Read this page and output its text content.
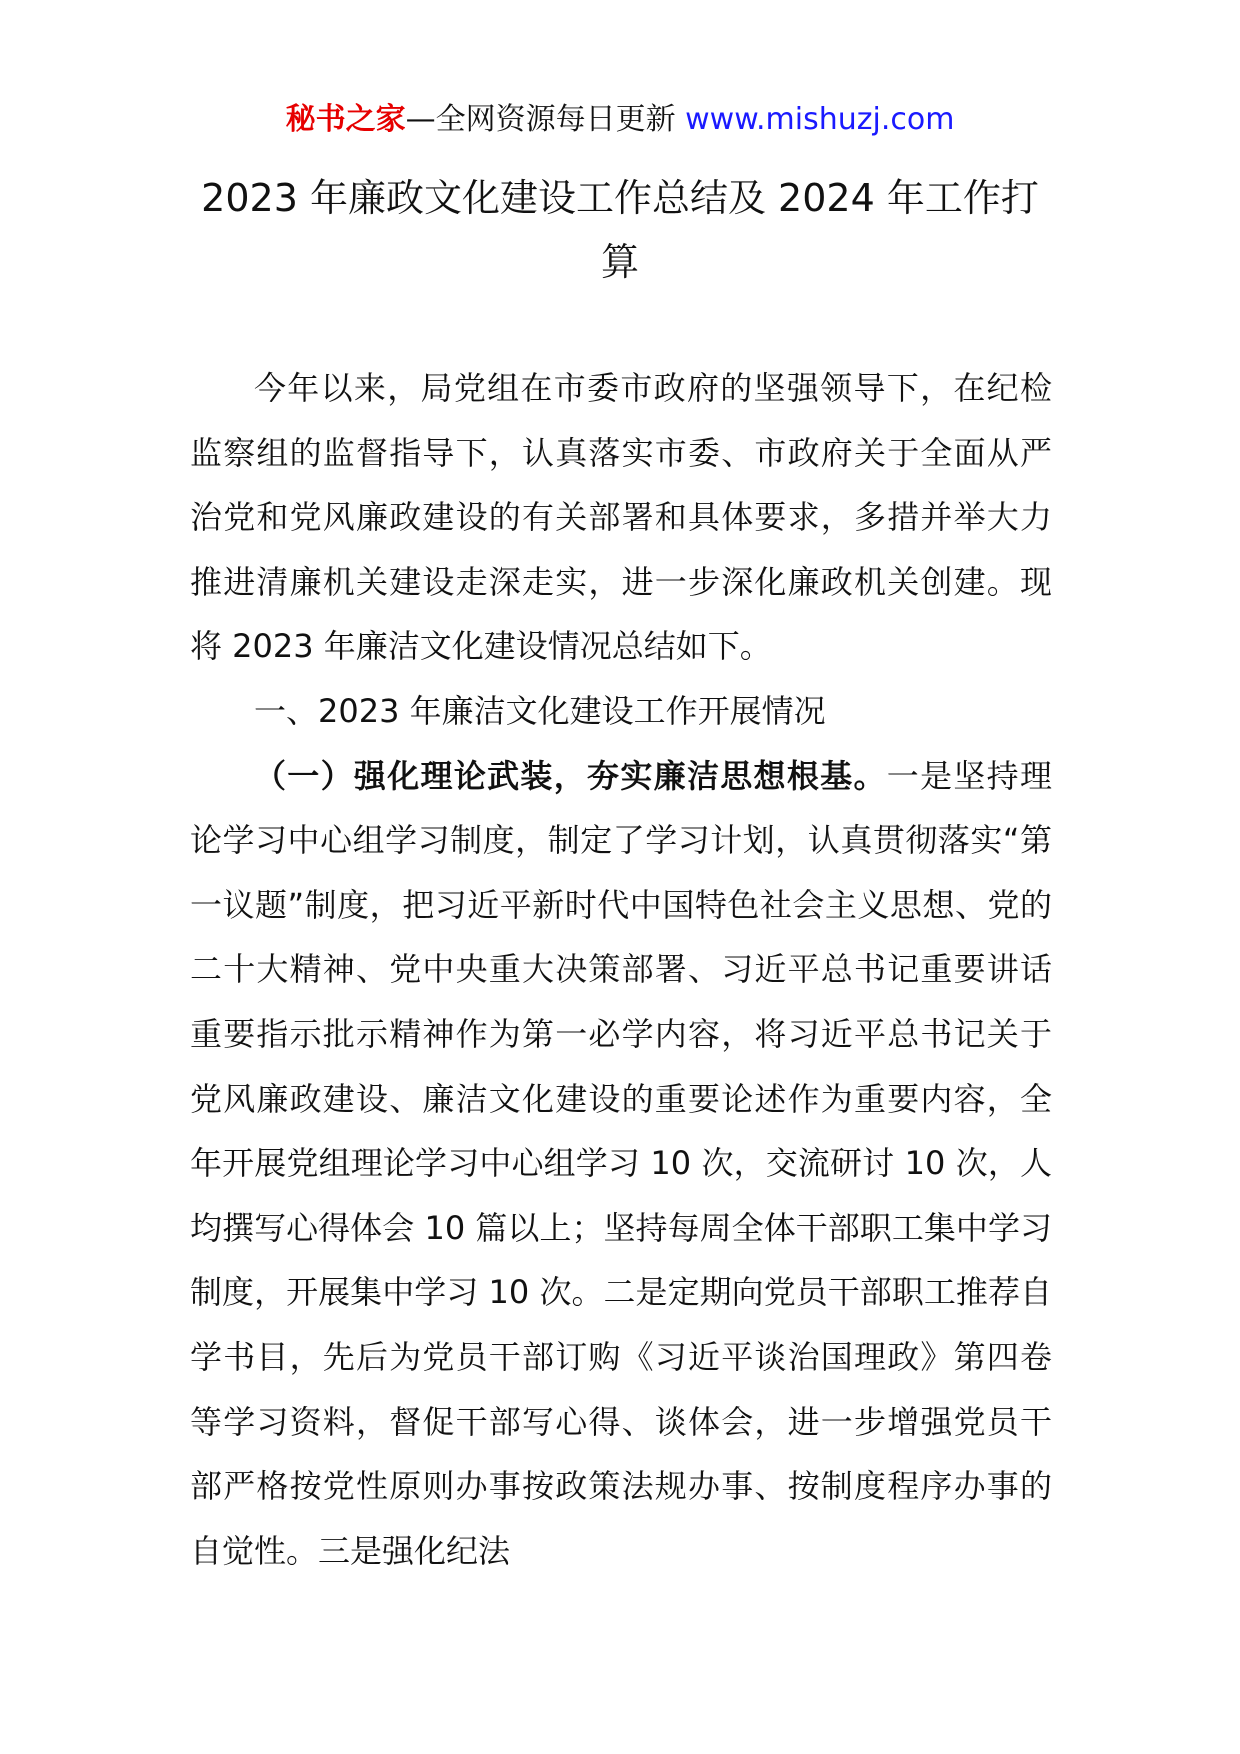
秘书之家—全网资源每日更新 www.mishuzj.com
2023 年廉政文化建设工作总结及 2024 年工作打算

今年以来，局党组在市委市政府的坚强领导下，在纪检监察组的监督指导下，认真落实市委、市政府关于全面从严治党和党风廉政建设的有关部署和具体要求，多措并举大力推进清廉机关建设走深走实，进一步深化廉政机关创建。现将 2023 年廉洁文化建设情况总结如下。

一、2023 年廉洁文化建设工作开展情况

（一）强化理论武装，夯实廉洁思想根基。一是坚持理论学习中心组学习制度，制定了学习计划，认真贯彻落实“第一议题”制度，把习近平新时代中国特色社会主义思想、党的二十大精神、党中央重大决策部署、习近平总书记重要讲话重要指示批示精神作为第一必学内容，将习近平总书记关于党风廉政建设、廉洁文化建设的重要论述作为重要内容，全年开展党组理论学习中心组学习 10 次，交流研讨 10 次，人均撰写心得体会 10 篇以上；坚持每周全体干部职工集中学习制度，开展集中学习 10 次。二是定期向党员干部职工推荐自学书目，先后为党员干部订购《习近平谈治国理政》第四卷等学习资料，督促干部写心得、谈体会，进一步增强党员干部严格按党性原则办事按政策法规办事、按制度程序办事的自觉性。三是强化纪法
